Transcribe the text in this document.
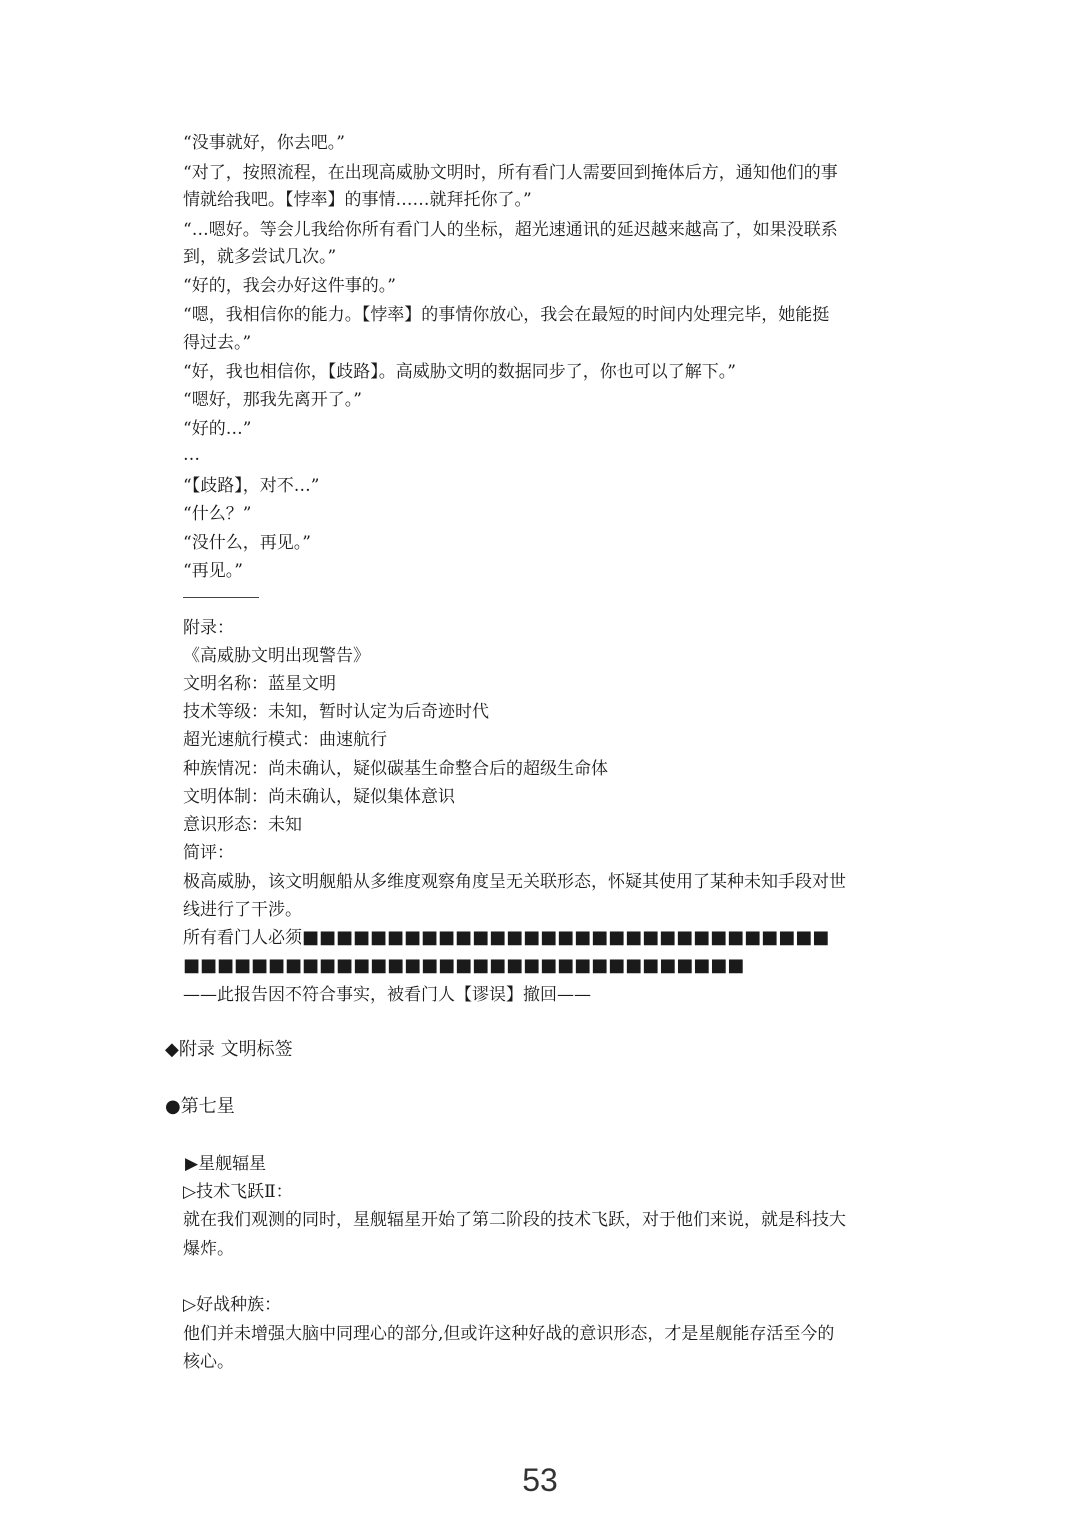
“没事就好，你去吧。”
“对了，按照流程，在出现高威胁文明时，所有看门人需要回到掩体后方，通知他们的事
情就给我吧。【悖率】的事情……就拜托你了。”
“…嗯好。等会儿我给你所有看门人的坐标，超光速通讯的延迟越来越高了，如果没联系
到，就多尝试几次。”
“好的，我会办好这件事的。”
“嗯，我相信你的能力。【悖率】的事情你放心，我会在最短的时间内处理完毕，她能挺
得过去。”
“好，我也相信你，【歧路】。高威胁文明的数据同步了，你也可以了解下。”
“嗯好，那我先离开了。”
“好的…”
…
“【歧路】，对不…”
“什么？”
“没什么，再见。”
“再见。”
附录：
《高威胁文明出现警告》
文明名称：蓝星文明
技术等级：未知，暂时认定为后奇迹时代
超光速航行模式：曲速航行
种族情况：尚未确认，疑似碳基生命整合后的超级生命体
文明体制：尚未确认，疑似集体意识
意识形态：未知
简评：
极高威胁，该文明舰船从多维度观察角度呈无关联形态，怀疑其使用了某种未知手段对世
线进行了干涉。
所有看门人必须■■■■■■■■■■■■■■■■■■■■■■■■■■■■■■■
■■■■■■■■■■■■■■■■■■■■■■■■■■■■■■■■■
——此报告因不符合事实，被看门人【谬误】撤回——
◆附录 文明标签
●第七星
▶星舰辐星
▷技术飞跃Ⅱ：
就在我们观测的同时，星舰辐星开始了第二阶段的技术飞跃，对于他们来说，就是科技大
爆炸。
▷好战种族：
他们并未增强大脑中同理心的部分,但或许这种好战的意识形态，才是星舰能存活至今的
核心。
53
